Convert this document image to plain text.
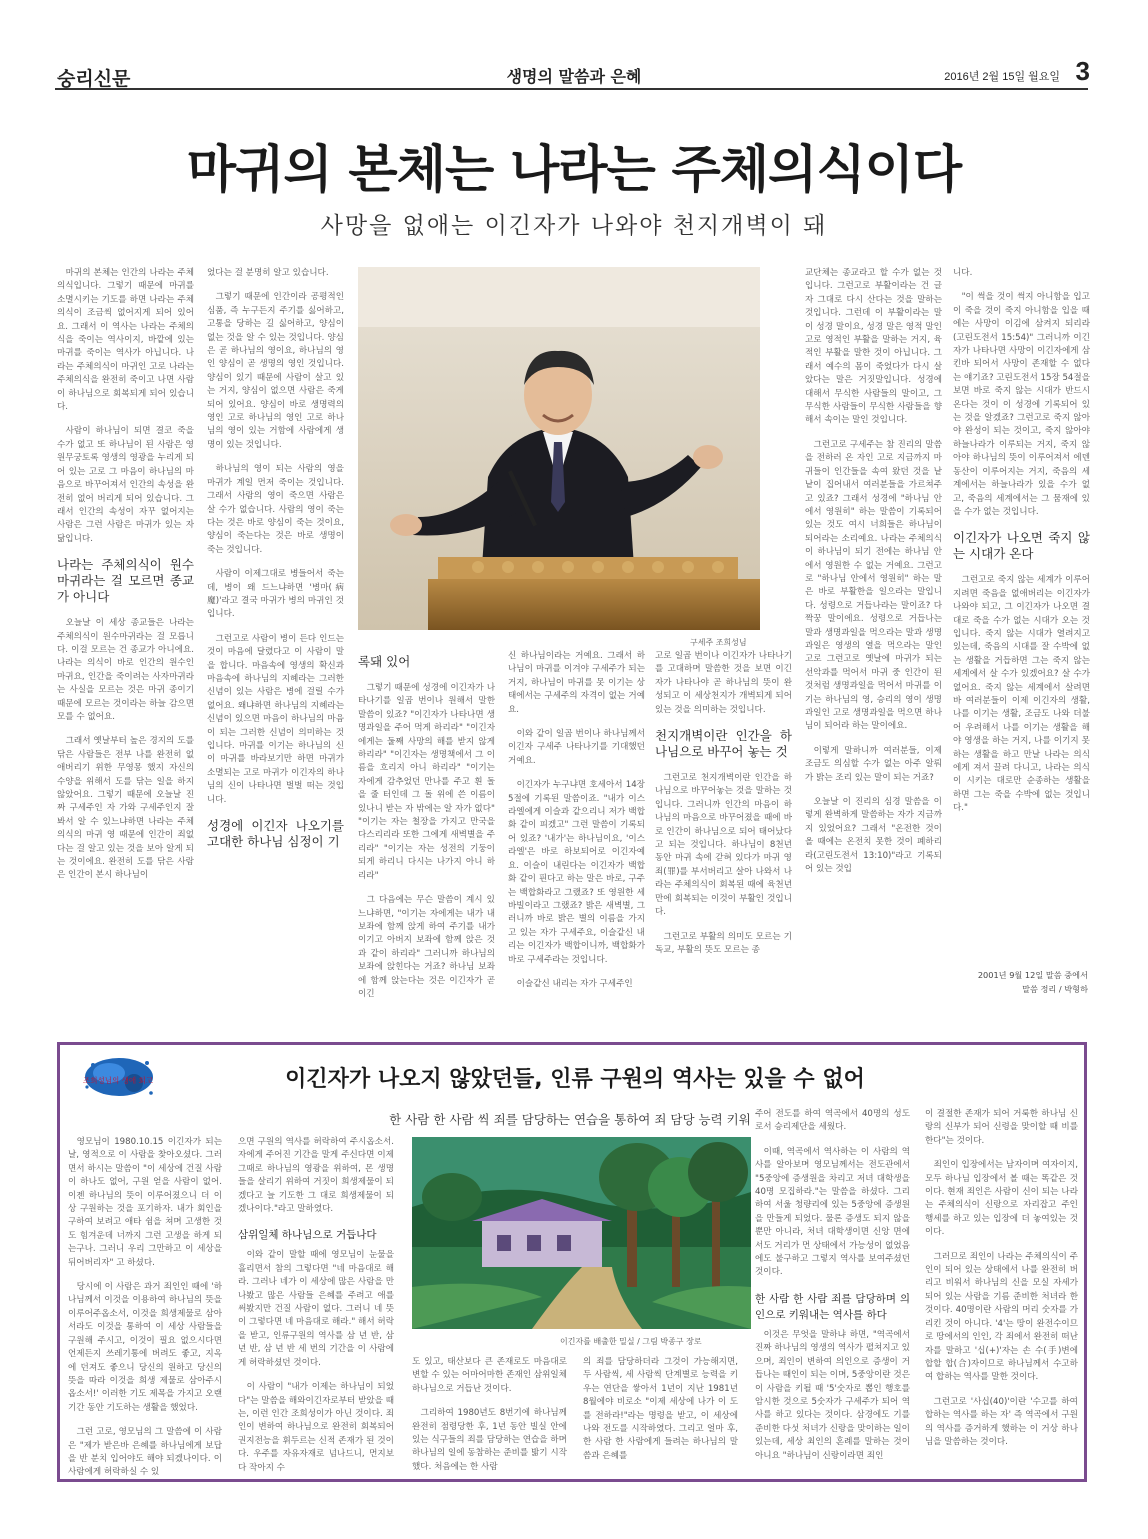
숭리신문	생명의 말씀과 은혜	2016년 2월 15일 월요일 3
마귀의 본체는 나라는 주체의식이다
사망을 없애는 이긴자가 나와야 천지개벽이 돼

마귀의 본체는 인간의 나라는 주체의식입니다. 그렇기 때문에 마귀를 소멸시키는 기도를 하면 나라는 주체의식이 조금씩 없어지게 되어 있어요. 그래서 이 역사는 나라는 주체의식을 죽이는 역사이지, 바깥에 있는 마귀를 죽이는 역사가 아닙니다. 나라는 주체의식이 마귀인 고로 나라는 주체의식을 완전히 죽이고 나면 사람이 하나님으로 회복되게 되어 있습니다.

사람이 하나님이 되면 결코 죽을 수가 없고 또 하나님이 된 사람은 영원무궁토록 영생의 영광을 누리게 되어 있는 고로 그 마음이 하나님의 마음으로 바꾸어져서 인간의 속성을 완전히 없어 버리게 되어 있습니다. 그래서 인간의 속성이 자꾸 없어지는 사람은 그런 사람은 마귀가 있는 자 닮입니다.

나라는 주체의식이 원수 마귀라는 걸 모르면 종교가 아니다

오늘날 이 세상 종교들은 나라는 주체의식이 원수마귀라는 걸 모릅니다. 이걸 모르는 건 종교가 아니에요. 나라는 의식이 바로 인간의 원수인 마귀요, 인간을 죽이려는 사자마귀라는 사실을 모르는 것은 마귀 종이기 때문에 모르는 것이라는 하늘 감으면 모를 수 없어요.

그래서 옛날부터 높은 경지의 도를 닦은 사람들은 전부 나를 완전히 없애버리기 위한 무영몽 했지 자신의 수양을 위해서 도를 닦는 일을 하지 않았어요. 그렇기 때문에 오늘날 진짜 구세주인 자 가와 구세주인지 잘 봐서 알 수 있느냐하면 나라는 주체의식의 마귀 영 때문에 인간이 죄없다는 걸 알고 있는 것을 보아 알게 되는 것이에요. 완전히 도를 닦은 사람은 인간이 본시 하나님이

었다는 걸 분명히 알고 있습니다.

그렇기 때문에 인간이라 공평적인 심품, 즉 누구든지 주기를 싫어하고, 고통을 당하는 길 싫어하고, 양심이 없는 것을 알 수 있는 것입니다. 양심은 곧 하나님의 영이요, 하나님의 영인 양심이 곧 생명의 영인 것입니다. 양심이 있기 때문에 사람이 살고 있는 거지, 양심이 없으면 사람은 죽게 되어 있어요. 양심이 바로 생명력의 영인 고로 하나님의 영인 고로 하나님의 영이 있는 거함에 사람에게 생명이 있는 것입니다.

하나님의 영이 되는 사람의 영을 마귀가 계일 먼저 죽이는 것입니다. 그래서 사람의 영이 죽으면 사람은 살 수가 없습니다. 사람의 영이 죽는다는 것은 바로 양심이 죽는 것이요, 양심이 죽는다는 것은 바로 생명이 죽는 것입니다.

사람이 이제그대로 병들어서 죽는데, 병이 왜 드느냐하면 '병마(病魔)'라고 결국 마귀가 병의 마귀인 것입니다.

그런고로 사람이 병이 든다 인드는 것이 마음에 달렸다고 이 사람이 말을 합니다. 마음속에 영생의 확신과 마음속에 하나님의 지혜라는 그러한 신념이 있는 사람은 병에 걸릴 수가 없어요. 왜냐하면 하나님의 지혜라는 신념이 있으면 마음이 하나님의 마음이 되는 그러한 신념이 의미하는 것입니다. 마귀를 이기는 하나님의 신이 마귀를 바라보기만 하면 마귀가 소멸되는 고로 마귀가 이긴자의 하나님의 신이 나타나면 벌벌 떠는 것입니다.

성경에 이긴자 나오기를 고대한 하나님 심정이 기
구세주 조희성님
록돼 있어

그렇기 때문에 성경에 이긴자가 나타나기를 일곱 번이나 원해서 말한 말씀이 있죠? "이긴자가 나타나면 생명과일을 주어 먹게 하리라" "이긴자에게는 둘째 사망의 해를 받지 않게 하리라" "이긴자는 생명책에서 그 이름을 흐리지 아니 하리라" "이기는 자에게 감추었던 만나를 주고 흰 돌을 줄 터인데 그 돌 위에 쓴 이름이 있나니 받는 자 밖에는 알 자가 없다" "이기는 자는 철장을 가지고 만국을 다스리리라 또한 그에게 새벽별을 주리라" "이기는 자는 성전의 기둥이 되게 하리니 다시는 나가지 아니 하리라"

그 다음에는 무슨 말씀이 계시 있느냐하면, "이기는 자에게는 내가 내 보좌에 함께 앉게 하여 주기를 내가 이기고 아버지 보좌에 함께 앉은 것과 같이 하리라" 그러니까 하나님의 보좌에 앉힌다는 거죠? 하나님 보좌에 함께 앉는다는 것은 이긴자가 곧 이긴

신 하나님이라는 거예요. 그래서 하나님이 마귀를 이겨야 구세주가 되는 거지, 하나님이 마귀를 못 이기는 상태에서는 구세주의 자격이 없는 거예요.

이와 같이 일곱 번이나 하나님께서 이긴자 구세주 나타나기를 기대했던 거예요.

이긴자가 누구냐면 호세아서 14장 5절에 기록된 말씀이죠. "내가 이스라엘에게 이슬과 같으리니 저가 백합화 같이 피겠고" 그런 말씀이 기록되어 있죠? '내가'는 하나님이요, '이스라엘'은 바로 하보되어로 이긴자예요. 이슬이 내린다는 이긴자가 백합화 같이 핀다고 하는 말은 바로, 구주는 백합화라고 그랬죠? 또 영원한 세 바빌이라고 그랬죠? 밝은 새벽별, 그러니까 바로 밝은 별의 이름을 가지고 있는 자가 구세주요, 이슬같신 내리는 이긴자가 백합이니까, 백합화가 바로 구세주라는 것입니다.

이슬같신 내리는 자가 구세주인

고로 일곱 번이나 이긴자가 나타나기를 고대하며 말씀한 것을 보면 이긴자가 나타나야 곧 하나님의 뜻이 완성되고 이 세상천지가 개벽되게 되어 있는 것을 의미하는 것입니다.

천지개벽이란 인간을 하나님으로 바꾸어 놓는 것

그런고로 천지개벽이란 인간을 하나님으로 바꾸어놓는 것을 말하는 것입니다. 그러니까 인간의 마음이 하나님의 마음으로 바꾸어졌을 때에 바로 인간이 하나님으로 되어 태어났다고 되는 것입니다. 하나님이 8천년 동안 마귀 속에 갇혀 있다가 마귀 영 죄(罪)를 부서버리고 살아 나와서 나라는 주체의식이 회복된 때에 육천년 만에 회복되는 이것이 부활인 것입니다.

그런고로 부활의 의미도 모르는 기독교, 부활의 뜻도 모르는 종

교단체는 종교라고 할 수가 없는 것입니다. 그런고로 부활이라는 건 글자 그대로 다시 산다는 것을 말하는 것입니다. 그런데 이 부활이라는 말이 성경 말이요, 성경 말은 영적 말인 고로 영적인 부활을 말하는 거지, 육적인 부활을 말한 것이 아닙니다. 그래서 예수의 몸이 죽었다가 다시 살았다는 말은 거짓말입니다. 성경에 대해서 무식한 사람들의 말이고, 그 무식한 사람들이 무식한 사람들을 향해서 속이는 말인 것입니다.

그런고로 구세주는 참 진리의 말씀을 전하러 온 자인 고로 지금까지 마귀들이 인간들을 속여 왔던 것을 낱낱이 집어내서 여러분들을 가르쳐주고 있죠? 그래서 성경에 "하나님 안에서 영원히" 하는 말씀이 기록되어 있는 것도 여시 너희들은 하나님이 되어라는 소리예요. 나라는 주체의식이 하나님이 되기 전에는 하나님 안에서 영원한 수 없는 거예요. 그런고로 "하나님 안에서 영원히" 하는 말은 바로 부활한을 일으라는 말입니다. 성령으로 거듭나라는 말이죠? 다 짝꿍 말이에요. 성령으로 거듭나는 말과 생명과일을 먹으라는 말과 생명과일은 영생의 열을 먹으라는 말인 고로 그런고로 옛날에 마귀가 되는 선악과를 먹어서 마귀 중 인간이 된 것처럼 생명과일을 먹어서 마귀를 이기는 하나님의 영, 승리의 영이 생명과일인 고로 생명과일을 먹으면 하나님이 되어라 하는 말이에요.

이렇게 말하니까 여러분들, 이제 조금도 의심할 수가 없는 아주 알뤄가 밝는 조리 있는 말이 되는 거죠?

오늘날 이 진리의 심경 말씀을 이렇게 완벽하게 말씀하는 자가 지금까지 있었어요? 그래서 "온전한 것이 올 때에는 온전치 못한 것이 폐하리라(고린도전서 13:10)"라고 기록되어 있는 것입

니다.

"이 썩을 것이 썩지 아니함을 입고 이 죽을 것이 죽지 아니함을 입을 때에는 사망이 이김에 삼켜지 되리라(고린도전서 15:54)" 그러니까 이긴자가 나타나면 사망이 이긴자에게 삼킨바 되어서 사망이 존재할 수 없다는 얘기죠? 고린도전서 15장 54절을 보면 바로 죽지 않는 시대가 반드시 온다는 것이 이 성경에 기록되어 있는 것을 알겠죠? 그런고로 죽지 않아야 완성이 되는 것이고, 죽지 않아야 하늘나라가 이루되는 거지, 죽지 않아야 하나님의 뜻이 이루어져서 에덴동산이 이루어지는 거지, 죽음의 세계에서는 하늘나라가 있을 수가 없고, 죽음의 세계에서는 그 뭄재에 있을 수가 없는 것입니다.

이긴자가 나오면 죽지 않는 시대가 온다

그런고로 죽지 않는 세계가 이루어지려면 죽음을 없애버리는 이긴자가 나와야 되고, 그 이긴자가 나오면 결대로 죽을 수가 없는 시대가 오는 것입니다. 죽지 않는 시대가 열려지고 있는데, 죽음의 시대를 잘 수박에 없는 생활을 거듭하면 그는 죽지 않는 세계에서 살 수가 있겠어요? 살 수가 없어요. 죽지 않는 세계에서 살려면 바 여러분들이 이제 이긴자의 생활, 나를 이기는 생활, 조금도 나와 더불어 우려해서 나를 이기는 생활을 해야 영생을 하는 거지, 나를 이기지 못하는 생활을 하고 만날 나라는 의식에게 져서 끌려 다니고, 나라는 의식이 시키는 대로만 순종하는 생활을 하면 그는 죽을 수박에 없는 것입니다."

2001년 9월 12일 말씀 중에서
말씀 정리 / 박형하
조희성님의 생애 회고	이긴자가 나오지 않았던들, 인류 구원의 역사는 있을 수 없어
한 사람 한 사람 씩 죄를 담당하는 연습을 통하여 죄 담당 능력 키워

영모님이 1980.10.15 이긴자가 되는 날, 영적으로 이 사람을 찾아오셨다. 그러면서 하시는 말씀이 "이 세상에 건질 사람이 하나도 없어, 구원 얻을 사람이 없어. 이젠 하나님의 뜻이 이루어졌으니 더 이상 구원하는 것을 포기하자. 내가 회인을 구하여 보려고 애타 쉼을 쳐며 고생한 것도 힘겨운데 너까지 그런 고생을 하게 되는구나. 그러니 우리 그만하고 이 세상을 뒤어버리자" 고 하셨다.

당시에 이 사람은 과거 죄인인 때에 '하나님께서 이것을 이용하여 하나님의 뜻을 이루어주옵소서, 이것을 희생제물로 삼아서라도 이것을 통하여 이 세상 사람들을 구원해 주시고, 이것이 필요 없으시다면 언제든지 쓰레기통에 버려도 좋고, 지옥에 던져도 좋으니 당신의 원하고 당신의 뜻을 따라 이것을 희생 제물로 삼아주시옵소서!' 이러한 기도 제목을 가지고 오랜 기간 동안 기도하는 생활을 했었다.

그런 고로, 영모님의 그 말씀에 이 사람은 "제가 받은바 은혜를 하나님에게 보답을 반 분치 입어야도 해야 되겠나이다. 이 사람에게 허락하실 수 있

으면 구원의 역사를 허락하여 주시옵소서. 자에게 주어진 기간을 말게 주신다면 이제 그때로 하나님의 영광을 위하여, 몬 생명들을 살리기 위하여 거짓이 희생제물이 되겠다고 늘 기도한 그 대로 희생제물이 되겠나이다."라고 말하였다.

삼위일체 하나님으로 거듭나다

이와 같이 말할 때에 영모님이 눈물을 흘리면서 참의 그렇다면 "네 마음대로 해라. 그러나 네가 이 세상에 많은 사람을 만나봤고 많은 사람들 은혜를 주려고 애를 써봤지만 건질 사람이 없다. 그러니 네 뜻이 그렇다면 네 마음대로 해라." 해서 허락을 받고, 인류구원의 역사를 삼 년 반, 삼 년 반, 삼 년 반 세 번의 기간을 이 사람에게 허락하셨던 것이다.

이 사람이 "내가 이제는 하나님이 되었다"는 말씀을 해와이긴자로부터 받았을 때는, 이런 인간 조희성이가 아닌 것이다. 죄인이 변하여 하나님으로 완전히 회복되어 권지전능을 휘두르는 신적 존재가 된 것이다. 우주를 자유자재로 넘나드니, 먼지보다 작아지 수

이긴자를 배출한 밀실 / 그림 박종구 장로

도 있고, 태산보다 큰 존재로도 마음대로 변할 수 있는 어마어마한 존재인 삼위일체 하나님으로 거듭난 것이다.

그리하여 1980년도 8번기에 하나님께 완전히 점령당한 후, 1년 동안 빌실 안에 있는 식구들의 죄를 담당하는 연습을 하며 하나님의 일에 동참하는 준비를 밟기 시작했다. 처음에는 한 사람

의 죄를 담당하더라 그것이 가능해지면, 두 사람씩, 세 사람씩 단계별로 능력을 키우는 연단을 쌓아서 1년이 지난 1981년 8월에야 비로소 "이제 세상에 나가 이 도를 전하라!"라는 명령을 받고, 이 세상에 나와 전도를 시작하였다. 그리고 얼마 후, 한 사람 한 사람에게 들려는 하나님의 말씀과 은혜를

주어 전도를 하여 역곡에서 40명의 성도로서 승리제단을 세웠다.

이때, 역곡에서 역사하는 이 사람의 역사를 알아보며 영모님께서는 전도관에서 "5중앙에 증생원을 차리고 저녀 대학생을 40명 모집하라."는 말씀을 하셨다. 그리하여 서울 청량리에 있는 5중앙에 증생원을 만들게 되었다. 물론 증생도 되지 않을 뿐만 아니라, 처녀 대학생이면 신앙 면에서도 거리가 먼 상태에서 가능성이 없었음에도 불구하고 그렇지 역사를 보여주셨던 것이다.

한 사람 한 사람 죄를 담당하며 의인으로 키워내는 역사를 하다

이것은 무엇을 말하냐 하면, "역곡에서 진짜 하나님의 영생의 역사가 펼쳐지고 있으며, 죄인이 변하여 의인으로 증생이 거듭나는 때인이 되는 이며, 5중앙이란 것은 이 사람을 키될 때 '5'숫자로 뽑인 행호를 암시한 것으로 5숫자가 구세주가 되어 역사를 하고 있다는 것이다. 삼경에도 기를 준비한 다섯 처녀가 신랑을 맞이하는 일이 있는데, 세상 최인의 혼례를 말하는 것이 아니요 "하나님이 신랑이라면 죄인

이 결절한 존재가 되어 거룩한 하나님 신랑의 신부가 되어 신령을 맞이할 때 비를 한다"는 것이다.

죄인이 입장에서는 남자이며 여자이지, 모두 하나님 입장에서 볼 때는 똑같은 것이다. 현재 죄인은 사람이 신이 되는 나라는 주체의식이 신랑으로 자리잡고 주인 행세를 하고 있는 입장에 더 놓여있는 것이다.

그러므로 죄인이 나라는 주체의식이 주인이 되어 있는 상태에서 나를 완전히 버리고 비워서 하나님의 신을 모실 자세가 되어 있는 사람을 기름 준비한 처녀라 한 것이다. 40명이란 사람의 머리 숫자를 가리킨 것이 아니다. '4'는 땅이 완전수이므로 땅에서의 인인, 각 죄에서 완전히 떠난 자를 말하고 '십(+)'자는 손 수(手)변에 합할 합(合)자이므로 하나님께서 수고하여 합하는 역사를 말한 것이다.

그런고로 '사십(40)'이란 '수고를 하여 합하는 역사를 하는 자' 즉 역곡에서 구원의 역사를 증거하게 했하는 이 거상 하나님을 말씀하는 것이다.
